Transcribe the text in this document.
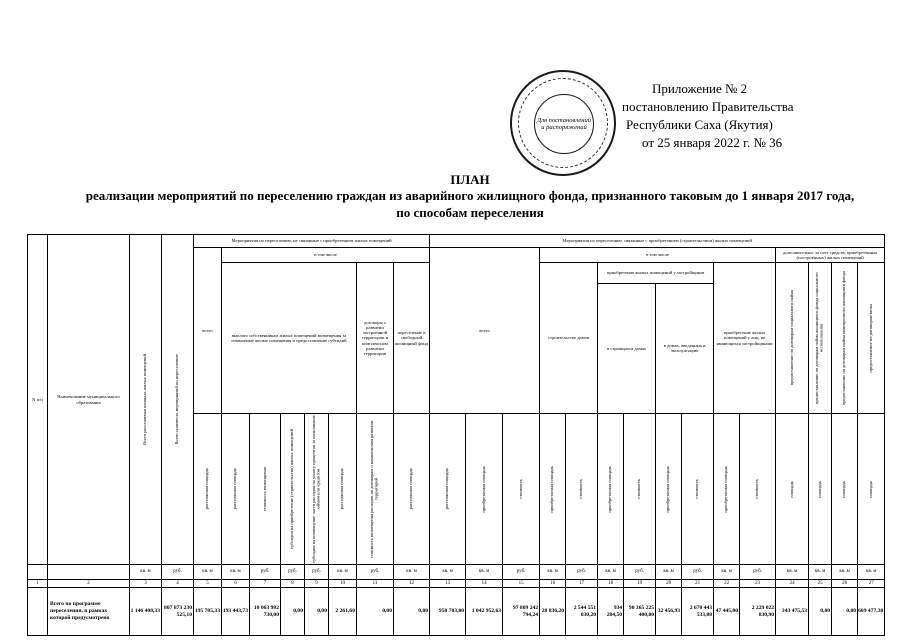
Для постановлений и распоряжений
Приложение № 2
постановлению Правительства
Республики Саха (Якутия)
от 25 января 2022 г. № 36
ПЛАН
реализации мероприятий по переселению граждан из аварийного жилищного фонда, признанного таковым до 1 января 2017 года,
по способам переселения
N п/п	Наименование муниципального образования	Всего расселяемая площадь жилых помещений	Всего стоимость мероприятий по переселению	Мероприятия по переселению, не связанные с приобретением жилых помещений								Мероприятия по переселению, связанные с приобретением (строительством) жилых помещений														
				всего	в том числе							всего			в том числе								дополнительно: за счет средств, приобретенных (построенных) жилых помещений			
					выплата собственникам жилых помещений возмещения за изымаемые жилые помещения и предоставление субсидий					договоры о развитии застроенной территории и комплексном развитии территории	переселение в свободный жилищный фонд				строительство домов		приобретение жилых помещений у застройщиков				приобретение жилых помещений у лиц, не являющихся застройщиками		предоставление по договорам социального найма	предоставление по договорам найма жилищного фонда социального использования	предоставление по договорам найма маневренного жилищного фонда	предоставление по договорам мены

																	в строящихся домах		в домах, введенных в эксплуатацию							

				расселяемая площадь	расселяемая площадь	стоимость возмещения	субсидия на приобретение (строительство) жилых помещений	субсидия на возмещение части расходов на уплату процентов за пользование займом или кредитом	расселяемая площадь	стоимость возмещения расходов по договорам о комплексном развитии территорий	расселяемая площадь	расселяемая площадь	приобретаемая площадь	стоимость	приобретаемая площадь	стоимость	приобретаемая площадь	стоимость	приобретаемая площадь	стоимость	приобретаемая площадь	стоимость	площадь	площадь	площадь	площадь

		кв. м	руб.	кв. м	кв. м	руб.	руб.	руб.	кв. м	руб.	кв. м	кв. м	кв. м	руб.	кв. м	руб.	кв. м	руб.	кв. м	руб.	кв. м	руб.	кв. м	кв. м	кв. м	кв. м
1	2	3	4	5	6	7	8	9	10	11	12	13	14	15	16	17	18	19	20	21	22	23	24	25	26	27
	Всего по программе переселения, в рамках которой предусмотрено	1 146 408,33	807 873 230 525,10	195 705,33	193 443,73	10 063 982 730,00	0,00	0,00	2 261,60	0,00	0,00	950 703,00	1 042 952,63	97 809 242 794,24	28 836,20	2 544 551 030,20	934 284,50	90 365 225 400,00	32 456,93	2 670 443 533,08	47 445,00	2 229 022 830,90	343 475,53	0,00	0,00	609 477,30
